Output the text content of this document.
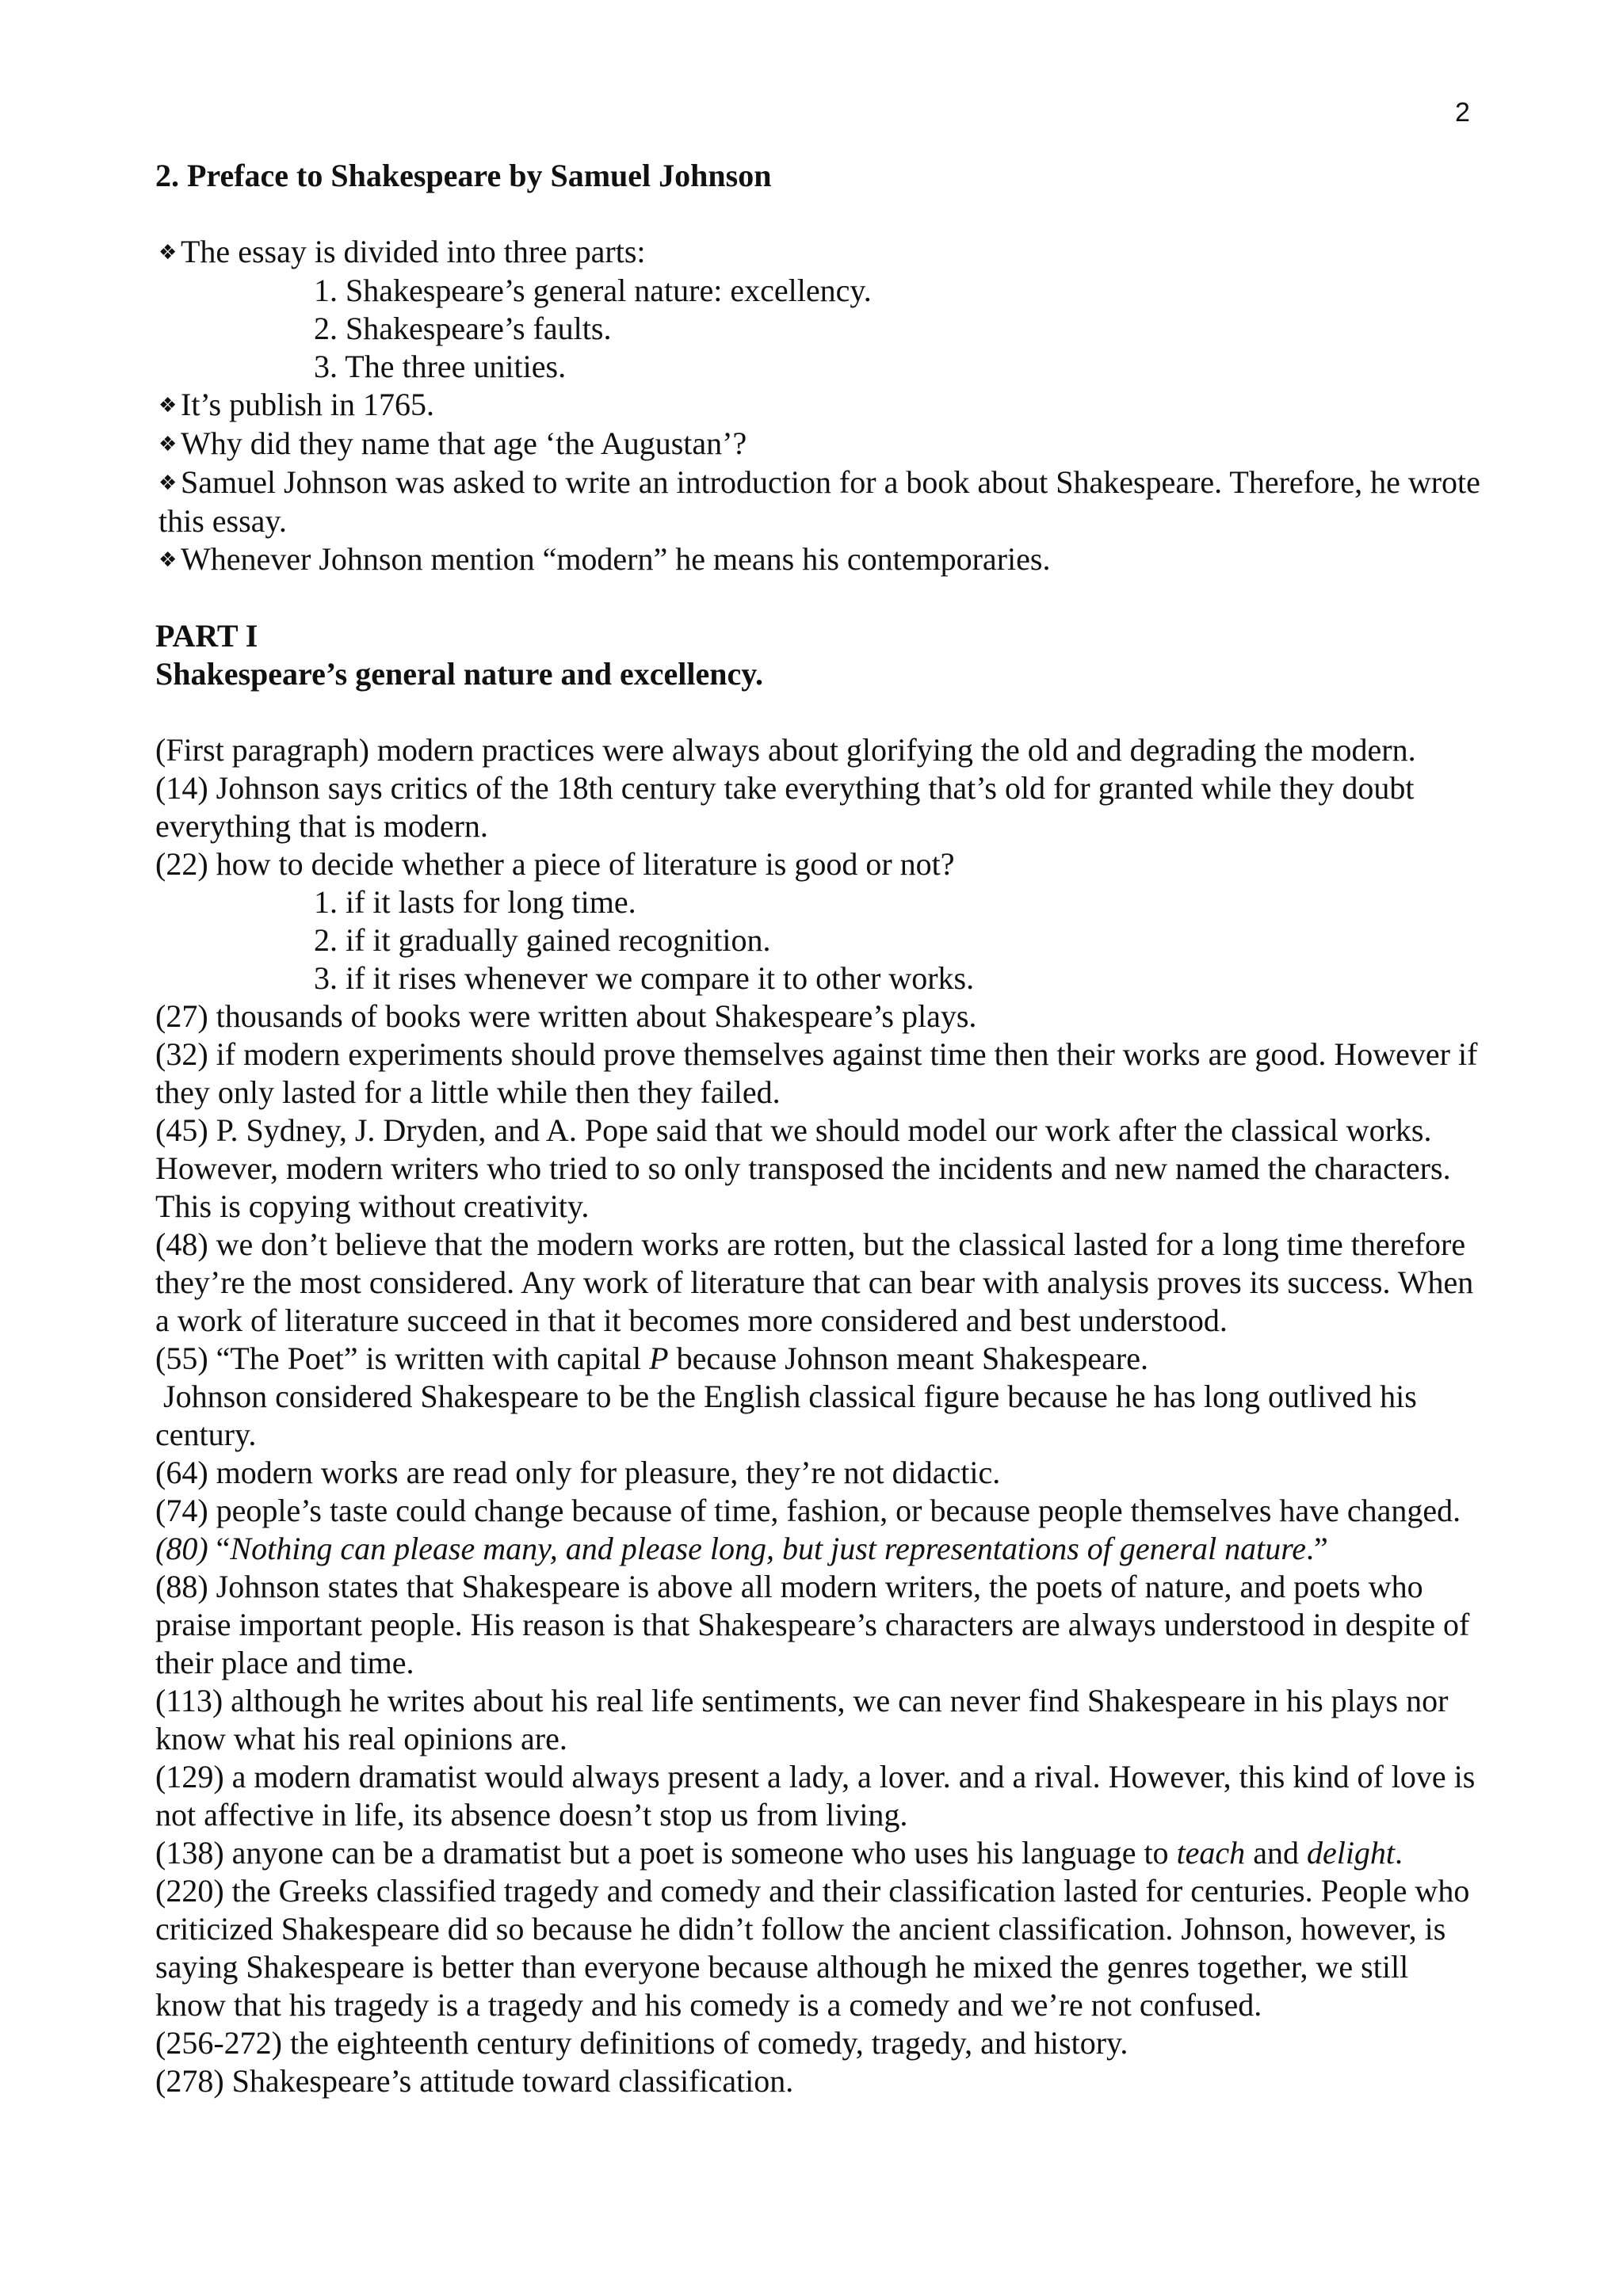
2

2. Preface to Shakespeare by Samuel Johnson

❖ The essay is divided into three parts:

1. Shakespeare’s general nature: excellency.

2. Shakespeare’s faults.

3. The three unities.

❖ It’s publish in 1765.

❖ Why did they name that age ‘the Augustan’?

❖ Samuel Johnson was asked to write an introduction for a book about Shakespeare. Therefore, he wrote this essay.

❖ Whenever Johnson mention “modern” he means his contemporaries.

PART I

Shakespeare’s general nature and excellency.

(First paragraph) modern practices were always about glorifying the old and degrading the modern.

(14) Johnson says critics of the 18th century take everything that’s old for granted while they doubt everything that is modern.

(22) how to decide whether a piece of literature is good or not?

1. if it lasts for long time.

2. if it gradually gained recognition.

3. if it rises whenever we compare it to other works.

(27) thousands of books were written about Shakespeare’s plays.

(32) if modern experiments should prove themselves against time then their works are good. However if they only lasted for a little while then they failed.

(45) P. Sydney, J. Dryden, and A. Pope said that we should model our work after the classical works. However, modern writers who tried to so only transposed the incidents and new named the characters. This is copying without creativity.

(48) we don’t believe that the modern works are rotten, but the classical lasted for a long time therefore they’re the most considered. Any work of literature that can bear with analysis proves its success. When a work of literature succeed in that it becomes more considered and best understood.

(55) “The Poet” is written with capital P because Johnson meant Shakespeare.

Johnson considered Shakespeare to be the English classical figure because he has long outlived his century.

(64) modern works are read only for pleasure, they’re not didactic.

(74) people’s taste could change because of time, fashion, or because people themselves have changed.

(80) “Nothing can please many, and please long, but just representations of general nature.”

(88) Johnson states that Shakespeare is above all modern writers, the poets of nature, and poets who praise important people. His reason is that Shakespeare’s characters are always understood in despite of their place and time.

(113) although he writes about his real life sentiments, we can never find Shakespeare in his plays nor know what his real opinions are.

(129) a modern dramatist would always present a lady, a lover. and a rival. However, this kind of love is not affective in life, its absence doesn’t stop us from living.

(138) anyone can be a dramatist but a poet is someone who uses his language to teach and delight.

(220) the Greeks classified tragedy and comedy and their classification lasted for centuries. People who criticized Shakespeare did so because he didn’t follow the ancient classification. Johnson, however, is saying Shakespeare is better than everyone because although he mixed the genres together, we still know that his tragedy is a tragedy and his comedy is a comedy and we’re not confused.

(256-272) the eighteenth century definitions of comedy, tragedy, and history.

(278) Shakespeare’s attitude toward classification.
